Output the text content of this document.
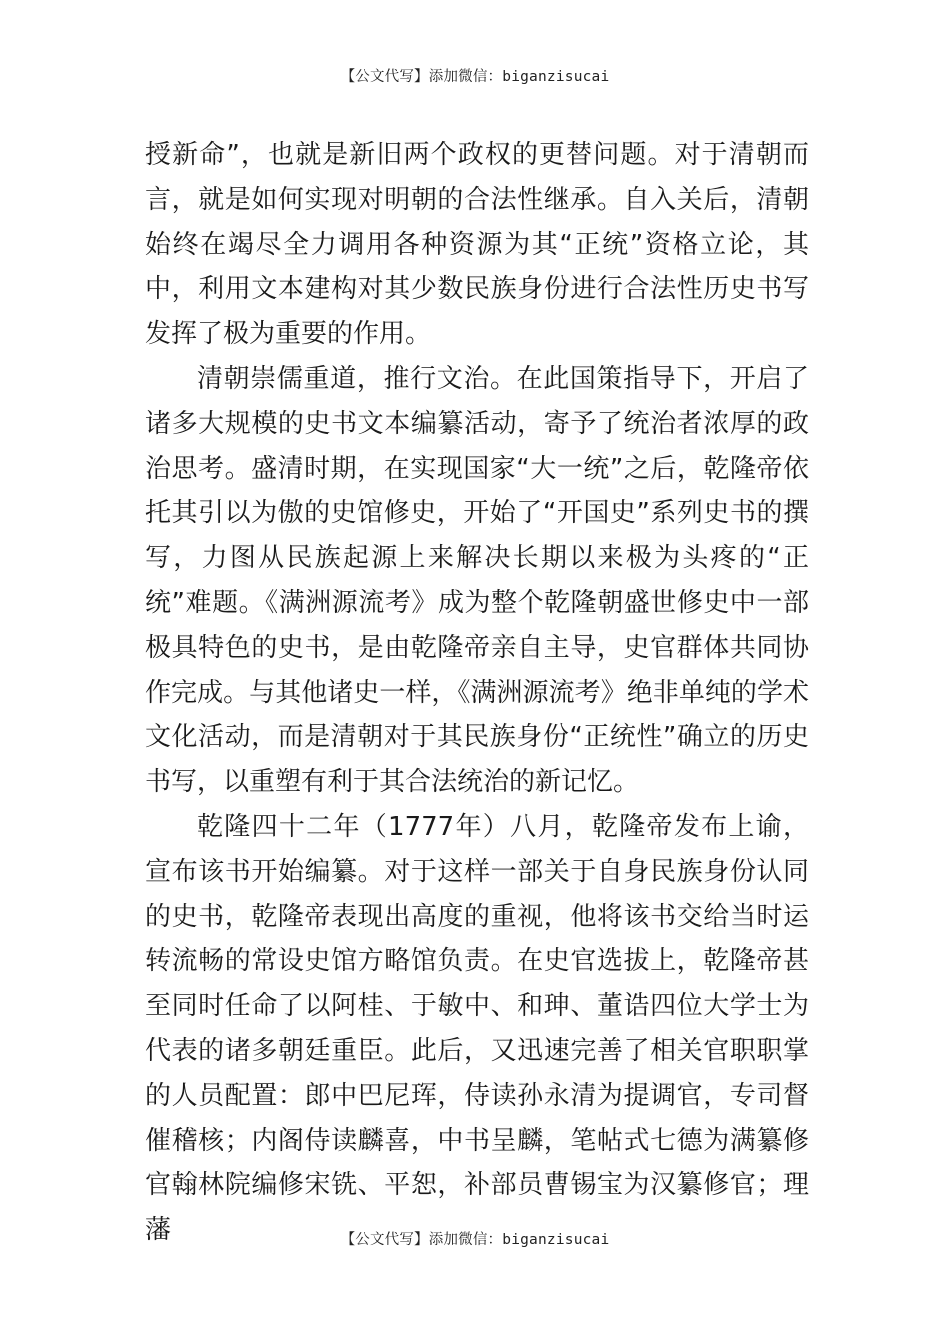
【公文代写】添加微信：biganzisucai

授新命”，也就是新旧两个政权的更替问题。对于清朝而言，就是如何实现对明朝的合法性继承。自入关后，清朝始终在竭尽全力调用各种资源为其“正统”资格立论，其中，利用文本建构对其少数民族身份进行合法性历史书写发挥了极为重要的作用。

清朝崇儒重道，推行文治。在此国策指导下，开启了诸多大规模的史书文本编纂活动，寄予了统治者浓厚的政治思考。盛清时期，在实现国家“大一统”之后，乾隆帝依托其引以为傲的史馆修史，开始了“开国史”系列史书的撰写，力图从民族起源上来解决长期以来极为头疼的“正统”难题。《满洲源流考》成为整个乾隆朝盛世修史中一部极具特色的史书，是由乾隆帝亲自主导，史官群体共同协作完成。与其他诸史一样，《满洲源流考》绝非单纯的学术文化活动，而是清朝对于其民族身份“正统性”确立的历史书写，以重塑有利于其合法统治的新记忆。

乾隆四十二年（1777年）八月，乾隆帝发布上谕，宣布该书开始编纂。对于这样一部关于自身民族身份认同的史书，乾隆帝表现出高度的重视，他将该书交给当时运转流畅的常设史馆方略馆负责。在史官选拔上，乾隆帝甚至同时任命了以阿桂、于敏中、和珅、董诰四位大学士为代表的诸多朝廷重臣。此后，又迅速完善了相关官职职掌的人员配置：郎中巴尼珲，侍读孙永清为提调官，专司督催稽核；内阁侍读麟喜，中书呈麟，笔帖式七德为满纂修官翰林院编修宋铣、平恕，补部员曹锡宝为汉纂修官；理藩	【公文代写】添加微信：biganzisucai
